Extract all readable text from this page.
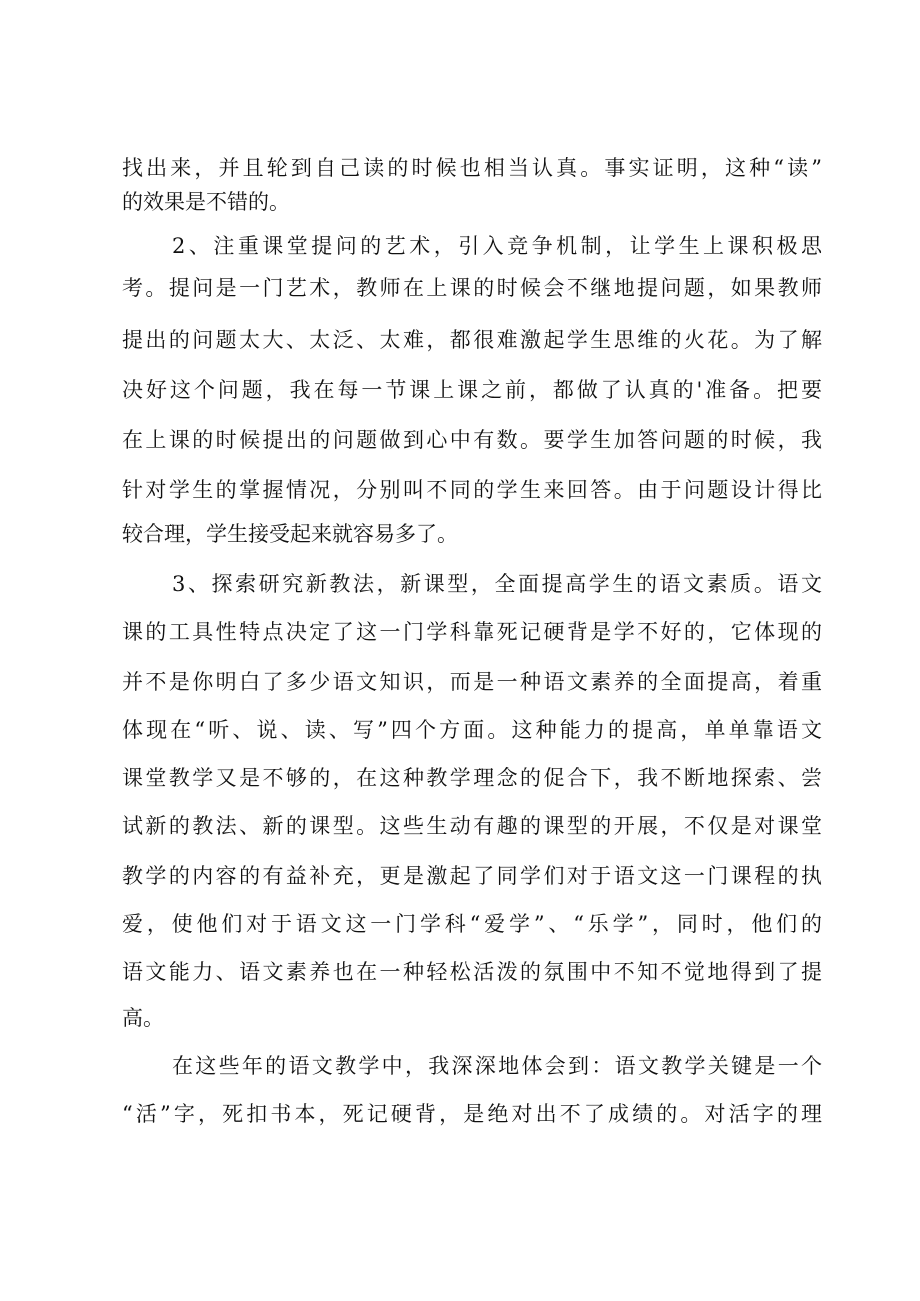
找出来，并且轮到自己读的时候也相当认真。事实证明，这种“读”

的效果是不错的。

2、注重课堂提问的艺术，引入竞争机制，让学生上课积极思

考。提问是一门艺术，教师在上课的时候会不继地提问题，如果教师

提出的问题太大、太泛、太难，都很难激起学生思维的火花。为了解

决好这个问题，我在每一节课上课之前，都做了认真的'准备。把要

在上课的时候提出的问题做到心中有数。要学生加答问题的时候，我

针对学生的掌握情况，分别叫不同的学生来回答。由于问题设计得比

较合理，学生接受起来就容易多了。

3、探索研究新教法，新课型，全面提高学生的语文素质。语文

课的工具性特点决定了这一门学科靠死记硬背是学不好的，它体现的

并不是你明白了多少语文知识，而是一种语文素养的全面提高，着重

体现在“听、说、读、写”四个方面。这种能力的提高，单单靠语文

课堂教学又是不够的，在这种教学理念的促合下，我不断地探索、尝

试新的教法、新的课型。这些生动有趣的课型的开展，不仅是对课堂

教学的内容的有益补充，更是激起了同学们对于语文这一门课程的执

爱，使他们对于语文这一门学科“爱学”、“乐学”，同时，他们的

语文能力、语文素养也在一种轻松活泼的氛围中不知不觉地得到了提

高。

在这些年的语文教学中，我深深地体会到：语文教学关键是一个

“活”字，死扣书本，死记硬背，是绝对出不了成绩的。对活字的理
